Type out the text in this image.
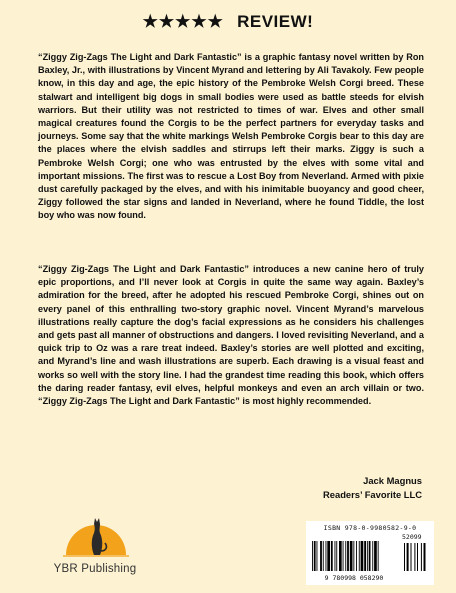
★★★★★ REVIEW!

“Ziggy Zig-Zags The Light and Dark Fantastic” is a graphic fantasy novel written by Ron Baxley, Jr., with illustrations by Vincent Myrand and lettering by Ali Tavakoly. Few people know, in this day and age, the epic history of the Pembroke Welsh Corgi breed. These stalwart and intelligent big dogs in small bodies were used as battle steeds for elvish warriors. But their utility was not restricted to times of war. Elves and other small magical creatures found the Corgis to be the perfect partners for everyday tasks and journeys. Some say that the white markings Welsh Pembroke Corgis bear to this day are the places where the elvish saddles and stirrups left their marks. Ziggy is such a Pembroke Welsh Corgi; one who was entrusted by the elves with some vital and important missions. The first was to rescue a Lost Boy from Neverland. Armed with pixie dust carefully packaged by the elves, and with his inimitable buoyancy and good cheer, Ziggy followed the star signs and landed in Neverland, where he found Tiddle, the lost boy who was now found.

“Ziggy Zig-Zags The Light and Dark Fantastic” introduces a new canine hero of truly epic proportions, and I’ll never look at Corgis in quite the same way again. Baxley’s admiration for the breed, after he adopted his rescued Pembroke Corgi, shines out on every panel of this enthralling two-story graphic novel. Vincent Myrand’s marvelous illustrations really capture the dog’s facial expressions as he considers his challenges and gets past all manner of obstructions and dangers. I loved revisiting Neverland, and a quick trip to Oz was a rare treat indeed. Baxley’s stories are well plotted and exciting, and Myrand’s line and wash illustrations are superb. Each drawing is a visual feast and works so well with the story line. I had the grandest time reading this book, which offers the daring reader fantasy, evil elves, helpful monkeys and even an arch villain or two. “Ziggy Zig-Zags The Light and Dark Fantastic” is most highly recommended.

Jack Magnus
Readers’ Favorite LLC
YBR Publishing
ISBN 978-0-9980582-9-0
52099
9 780998 058290
